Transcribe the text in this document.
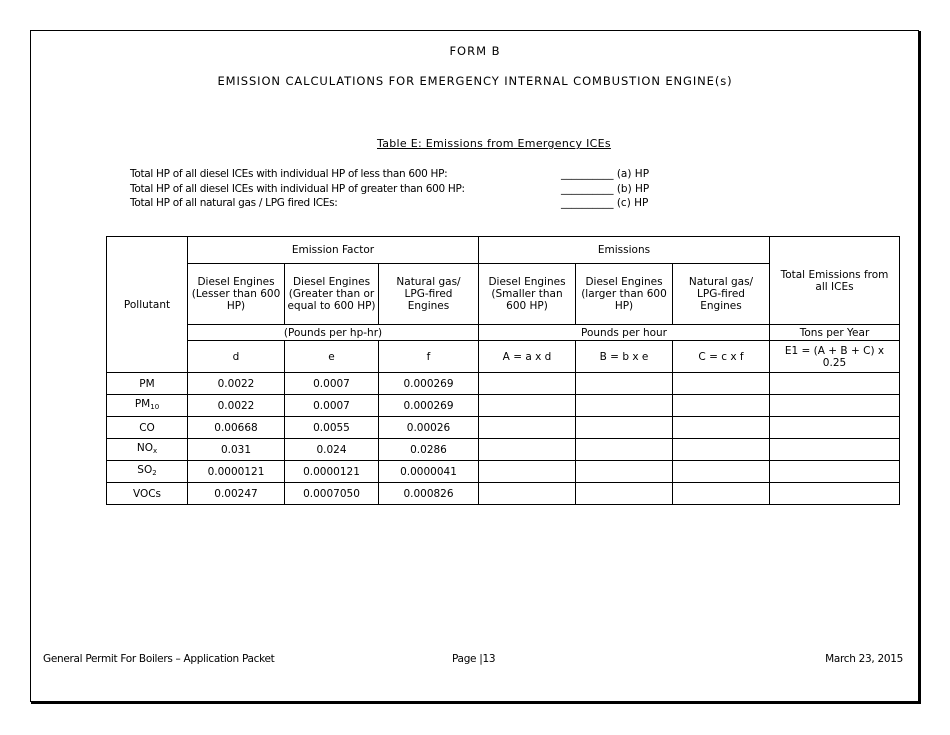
FORM B
EMISSION CALCULATIONS FOR EMERGENCY INTERNAL COMBUSTION ENGINE(s)
Table E: Emissions from Emergency ICEs
Total HP of all diesel ICEs with individual HP of less than 600 HP:	__________ (a) HP
Total HP of all diesel ICEs with individual HP of greater than 600 HP:	__________ (b) HP
Total HP of all natural gas / LPG fired ICEs:	__________ (c) HP
Pollutant	Emission Factor			Emissions			Total Emissions from all ICEs
	Diesel Engines (Lesser than 600 HP)	Diesel Engines (Greater than or equal to 600 HP)	Natural gas/ LPG-fired Engines	Diesel Engines (Smaller than 600 HP)	Diesel Engines (larger than 600 HP)	Natural gas/ LPG-fired Engines	
	(Pounds per hp-hr)			Pounds per hour			Tons per Year
	d	e	f	A = a x d	B = b x e	C = c x f	E1 = (A + B + C) x 0.25
PM	0.0022	0.0007	0.000269				
$PM_{10}$	0.0022	0.0007	0.000269				
CO	0.00668	0.0055	0.00026				
$NO_x$	0.031	0.024	0.0286				
$SO_2$	0.0000121	0.0000121	0.0000041				
VOCs	0.00247	0.0007050	0.000826				
General Permit For Boilers – Application Packet	Page |13	March 23, 2015
